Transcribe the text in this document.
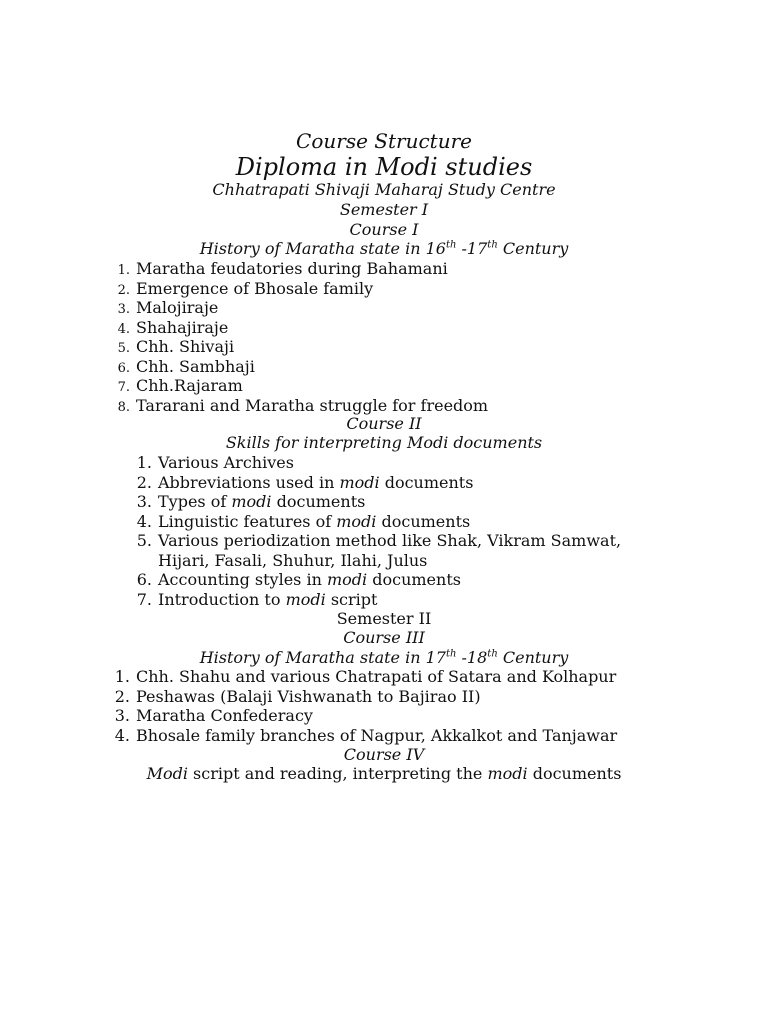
Course Structure
Diploma in Modi studies
Chhatrapati Shivaji Maharaj Study Centre
Semester I
Course I
History of Maratha state in 16th -17th Century
1. Maratha feudatories during Bahamani
2. Emergence of Bhosale family
3. Malojiraje
4. Shahajiraje
5. Chh. Shivaji
6. Chh. Sambhaji
7. Chh.Rajaram
8. Tararani and Maratha struggle for freedom
Course II
Skills for interpreting Modi documents
1. Various Archives
2. Abbreviations used in modi documents
3. Types of modi documents
4. Linguistic features of modi documents
5. Various periodization method like Shak, Vikram Samwat,
Hijari, Fasali, Shuhur, Ilahi, Julus
6. Accounting styles in modi documents
7. Introduction to modi script
Semester II
Course III
History of Maratha state in 17th -18th Century
1. Chh. Shahu and various Chatrapati of Satara and Kolhapur
2. Peshawas (Balaji Vishwanath to Bajirao II)
3. Maratha Confederacy
4. Bhosale family branches of Nagpur, Akkalkot and Tanjawar
Course IV
Modi script and reading, interpreting the modi documents
